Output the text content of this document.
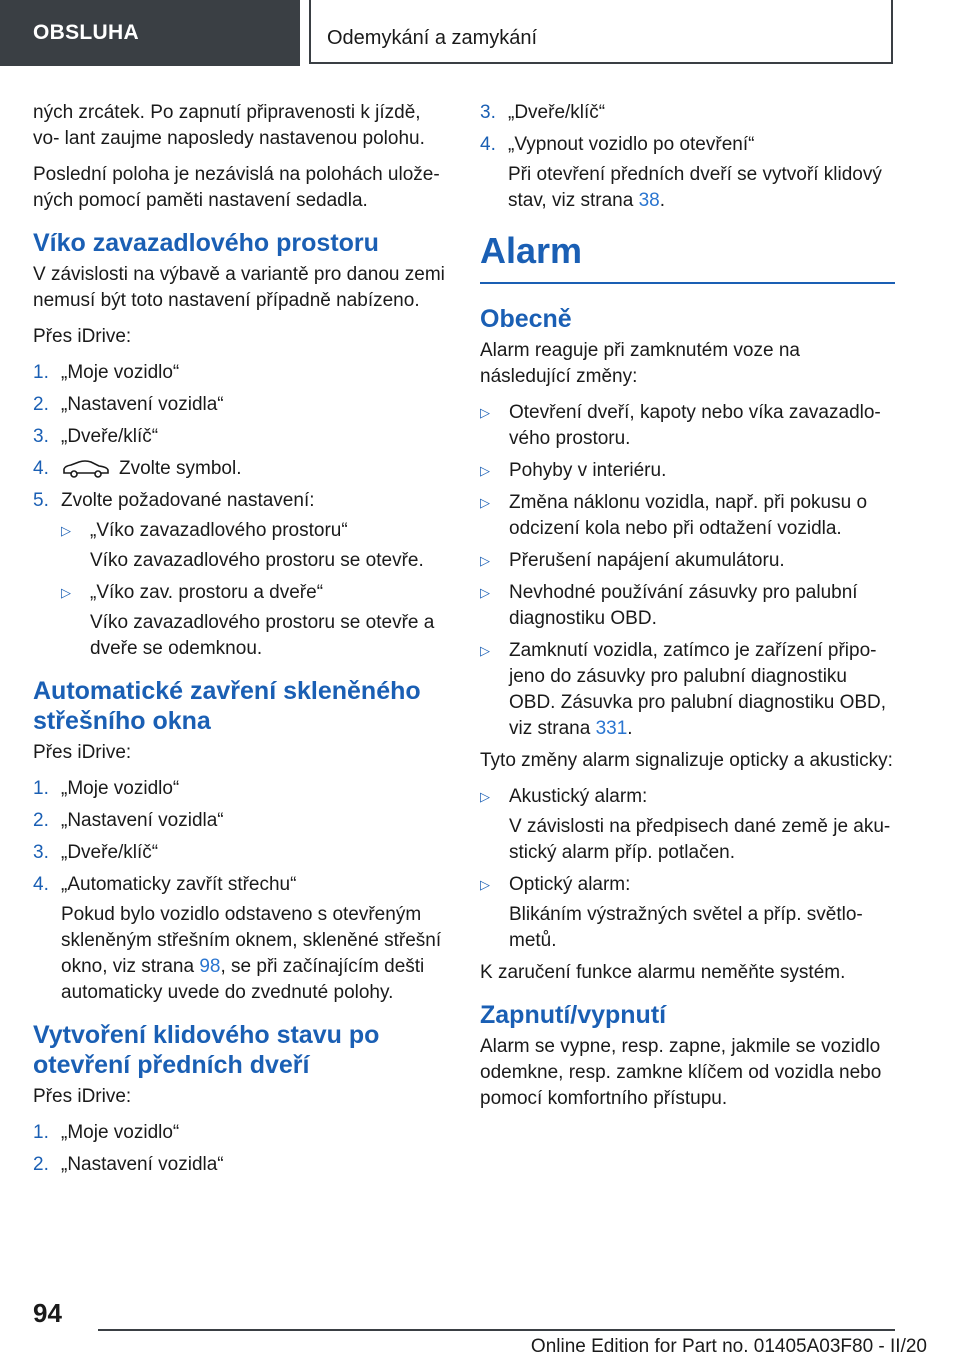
OBSLUHA	Odemykání a zamykání

ných zrcátek. Po zapnutí připravenosti k jízdě, vo‐ lant zaujme naposledy nastavenou polohu.

Poslední poloha je nezávislá na polohách ulože‐ ných pomocí paměti nastavení sedadla.

Víko zavazadlového prostoru

V závislosti na výbavě a variantě pro danou zemi nemusí být toto nastavení případně nabízeno.

Přes iDrive:

1. „Moje vozidlo“
2. „Nastavení vozidla“
3. „Dveře/klíč“
4.	Zvolte symbol.
5. Zvolte požadované nastavení:
▷ „Víko zavazadlového prostoru“
Víko zavazadlového prostoru se otevře.
▷ „Víko zav. prostoru a dveře“
Víko zavazadlového prostoru se otevře a dveře se odemknou.
Automatické zavření skleněného střešního okna

Přes iDrive:

1. „Moje vozidlo“
2. „Nastavení vozidla“
3. „Dveře/klíč“
4. „Automaticky zavřít střechu“
Pokud bylo vozidlo odstaveno s otevřeným skleněným střešním oknem, skleněné střešní okno, viz strana 98, se při začínajícím dešti automaticky uvede do zvednuté polohy.
Vytvoření klidového stavu po otevření předních dveří

Přes iDrive:

1. „Moje vozidlo“
2. „Nastavení vozidla“
3. „Dveře/klíč“
4. „Vypnout vozidlo po otevření“
Při otevření předních dveří se vytvoří klidový stav, viz strana 38.
Alarm
Obecně

Alarm reaguje při zamknutém voze na následující změny:

▷ Otevření dveří, kapoty nebo víka zavazadlo‐ vého prostoru.
▷ Pohyby v interiéru.
▷ Změna náklonu vozidla, např. při pokusu o odcizení kola nebo při odtažení vozidla.
▷ Přerušení napájení akumulátoru.
▷ Nevhodné používání zásuvky pro palubní diagnostiku OBD.
▷ Zamknutí vozidla, zatímco je zařízení připo‐ jeno do zásuvky pro palubní diagnostiku OBD. Zásuvka pro palubní diagnostiku OBD, viz strana 331.

Tyto změny alarm signalizuje opticky a akusticky:

▷ Akustický alarm:
V závislosti na předpisech dané země je aku‐ stický alarm příp. potlačen.
▷ Optický alarm:
Blikáním výstražných světel a příp. světlo‐ metů.

K zaručení funkce alarmu neměňte systém.

Zapnutí/vypnutí

Alarm se vypne, resp. zapne, jakmile se vozidlo odemkne, resp. zamkne klíčem od vozidla nebo pomocí komfortního přístupu.

94
Online Edition for Part no. 01405A03F80 - II/20
